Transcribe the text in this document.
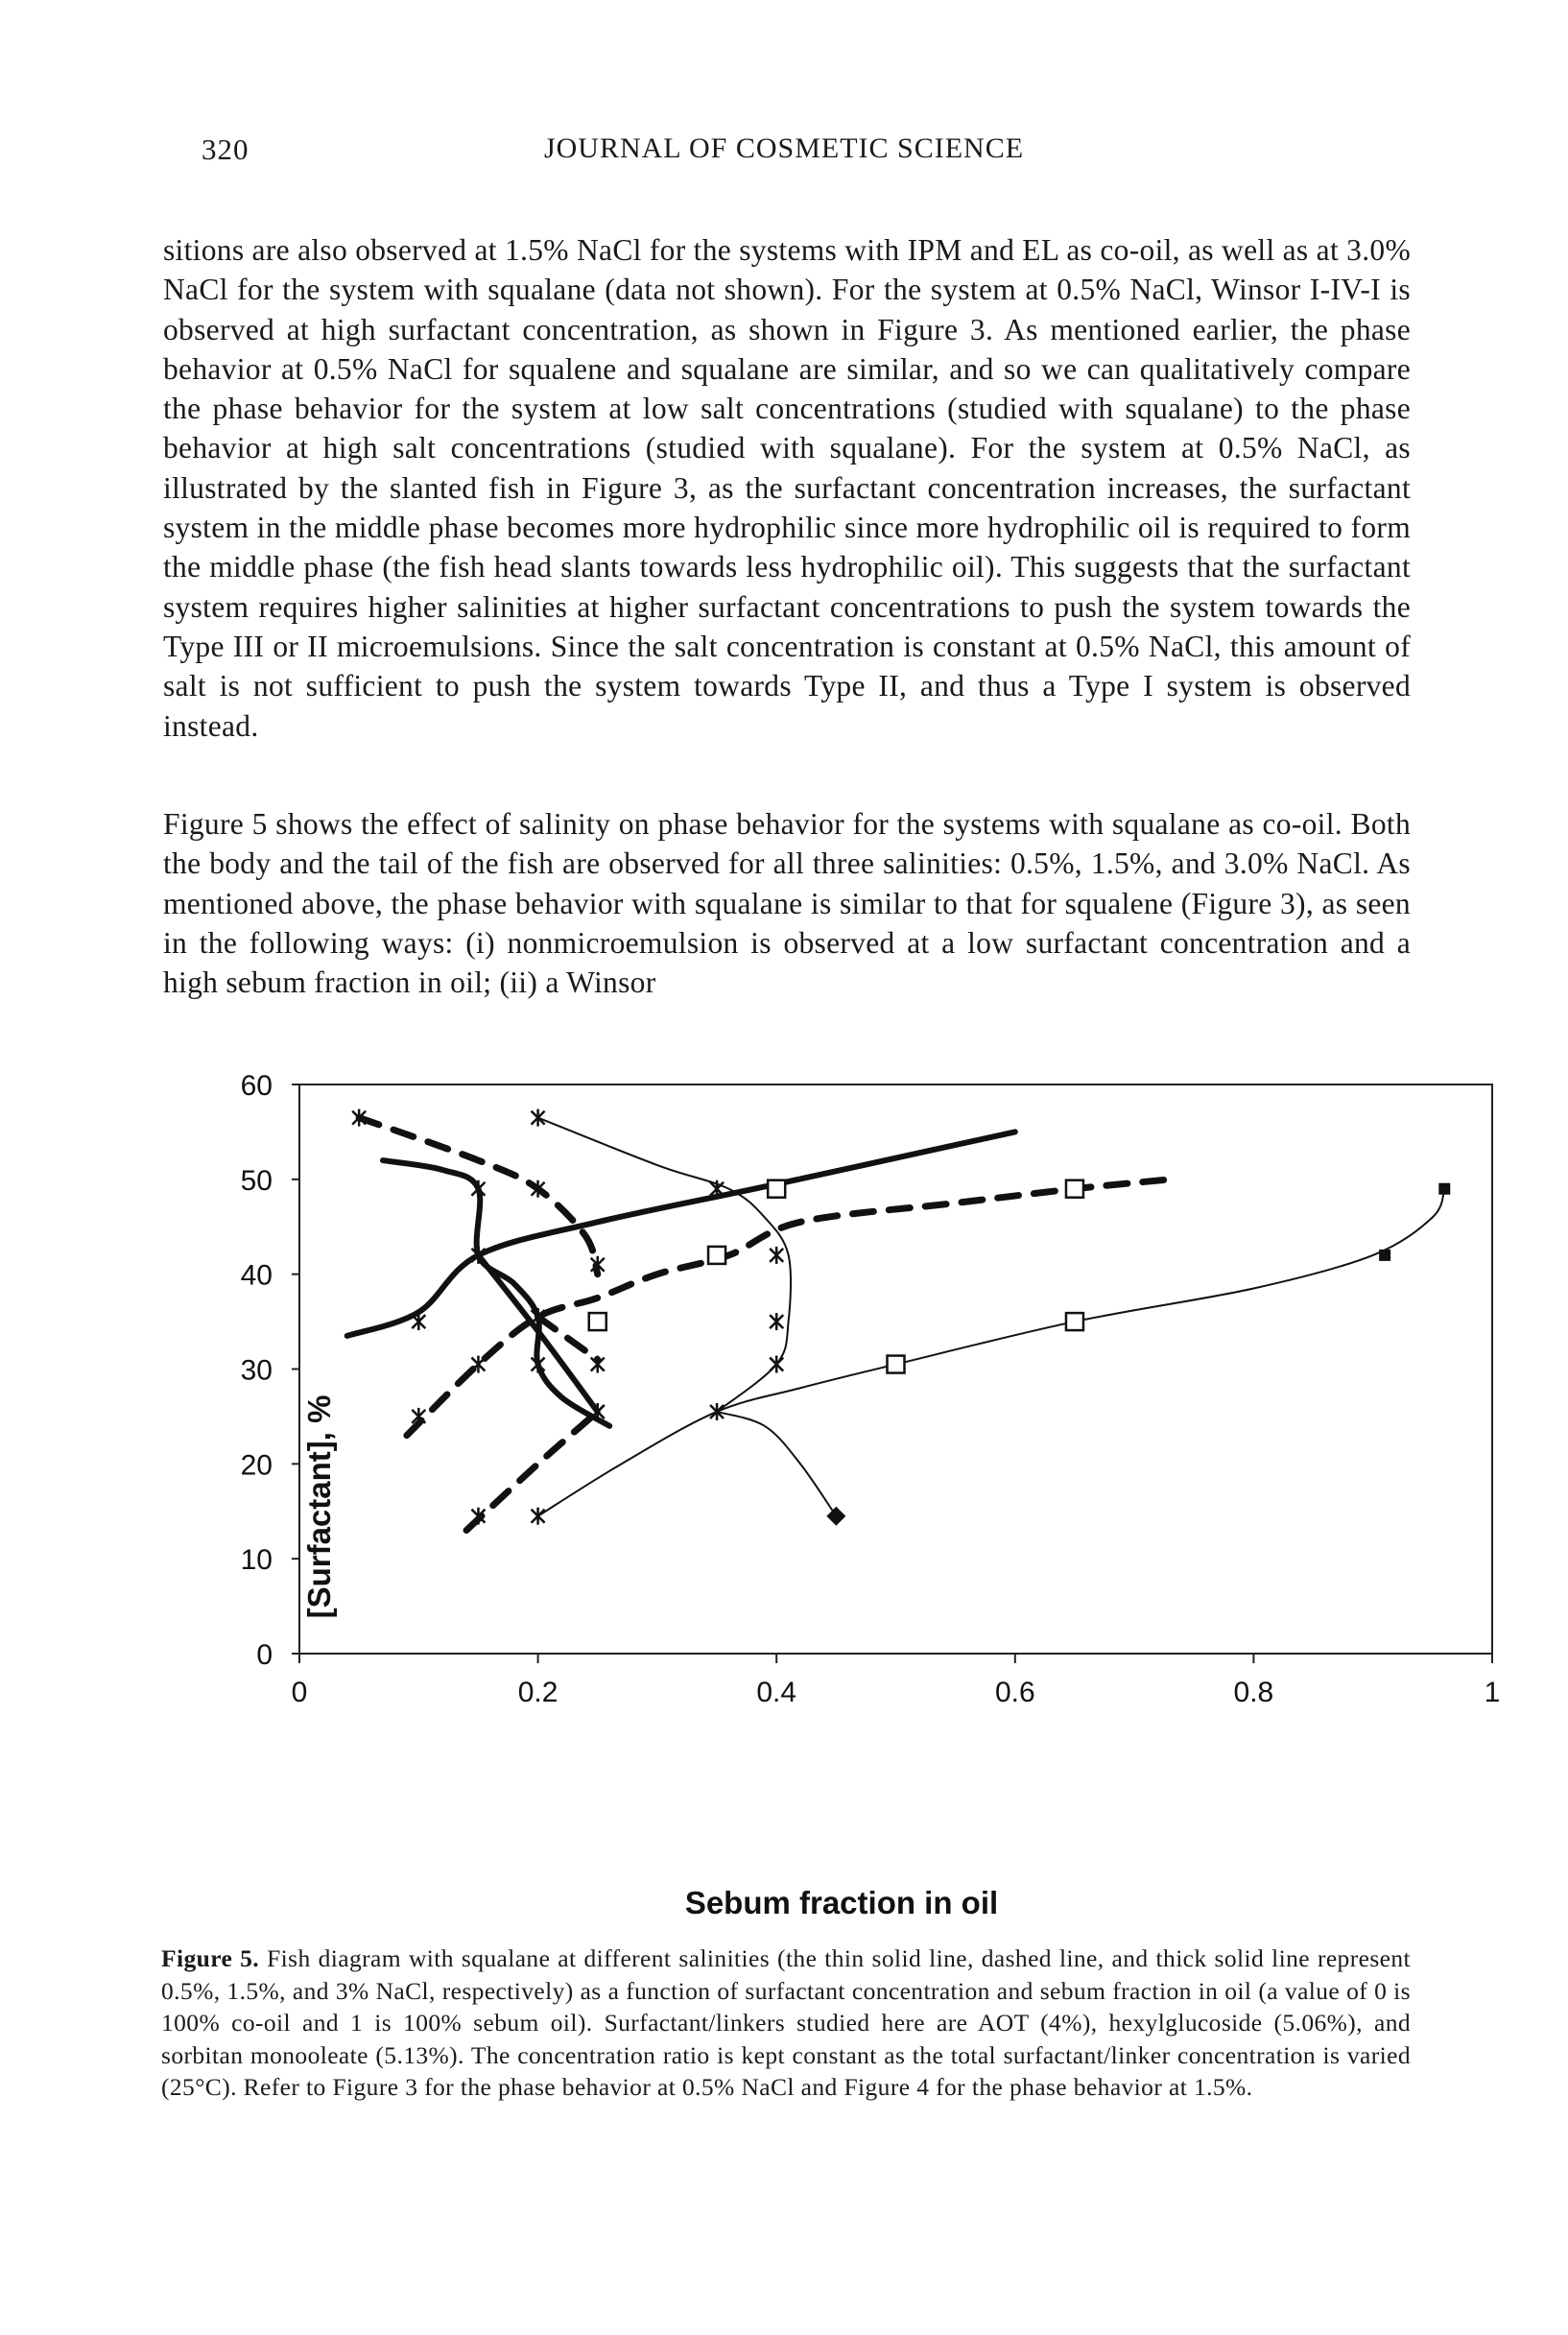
320	JOURNAL OF COSMETIC SCIENCE

sitions are also observed at 1.5% NaCl for the systems with IPM and EL as co-oil, as well as at 3.0% NaCl for the system with squalane (data not shown). For the system at 0.5% NaCl, Winsor I-IV-I is observed at high surfactant concentration, as shown in Figure 3. As mentioned earlier, the phase behavior at 0.5% NaCl for squalene and squalane are similar, and so we can qualitatively compare the phase behavior for the system at low salt concentrations (studied with squalane) to the phase behavior at high salt concentrations (studied with squalane). For the system at 0.5% NaCl, as illustrated by the slanted fish in Figure 3, as the surfactant concentration increases, the surfactant system in the middle phase becomes more hydrophilic since more hydrophilic oil is required to form the middle phase (the fish head slants towards less hydrophilic oil). This suggests that the surfactant system requires higher salinities at higher surfactant concentrations to push the system towards the Type III or II microemulsions. Since the salt concentration is constant at 0.5% NaCl, this amount of salt is not sufficient to push the system towards Type II, and thus a Type I system is observed instead.

Figure 5 shows the effect of salinity on phase behavior for the systems with squalane as co-oil. Both the body and the tail of the fish are observed for all three salinities: 0.5%, 1.5%, and 3.0% NaCl. As mentioned above, the phase behavior with squalane is similar to that for squalene (Figure 3), as seen in the following ways: (i) nonmicroemulsion is observed at a low surfactant concentration and a high sebum fraction in oil; (ii) a Winsor

0
10
20
30
40
50
60
0	0.2	0.4	0.6	0.8	1
Sebum fraction in oil
[Surfactant], %

Figure 5. Fish diagram with squalane at different salinities (the thin solid line, dashed line, and thick solid line represent 0.5%, 1.5%, and 3% NaCl, respectively) as a function of surfactant concentration and sebum fraction in oil (a value of 0 is 100% co-oil and 1 is 100% sebum oil). Surfactant/linkers studied here are AOT (4%), hexylglucoside (5.06%), and sorbitan monooleate (5.13%). The concentration ratio is kept constant as the total surfactant/linker concentration is varied (25°C). Refer to Figure 3 for the phase behavior at 0.5% NaCl and Figure 4 for the phase behavior at 1.5%.
